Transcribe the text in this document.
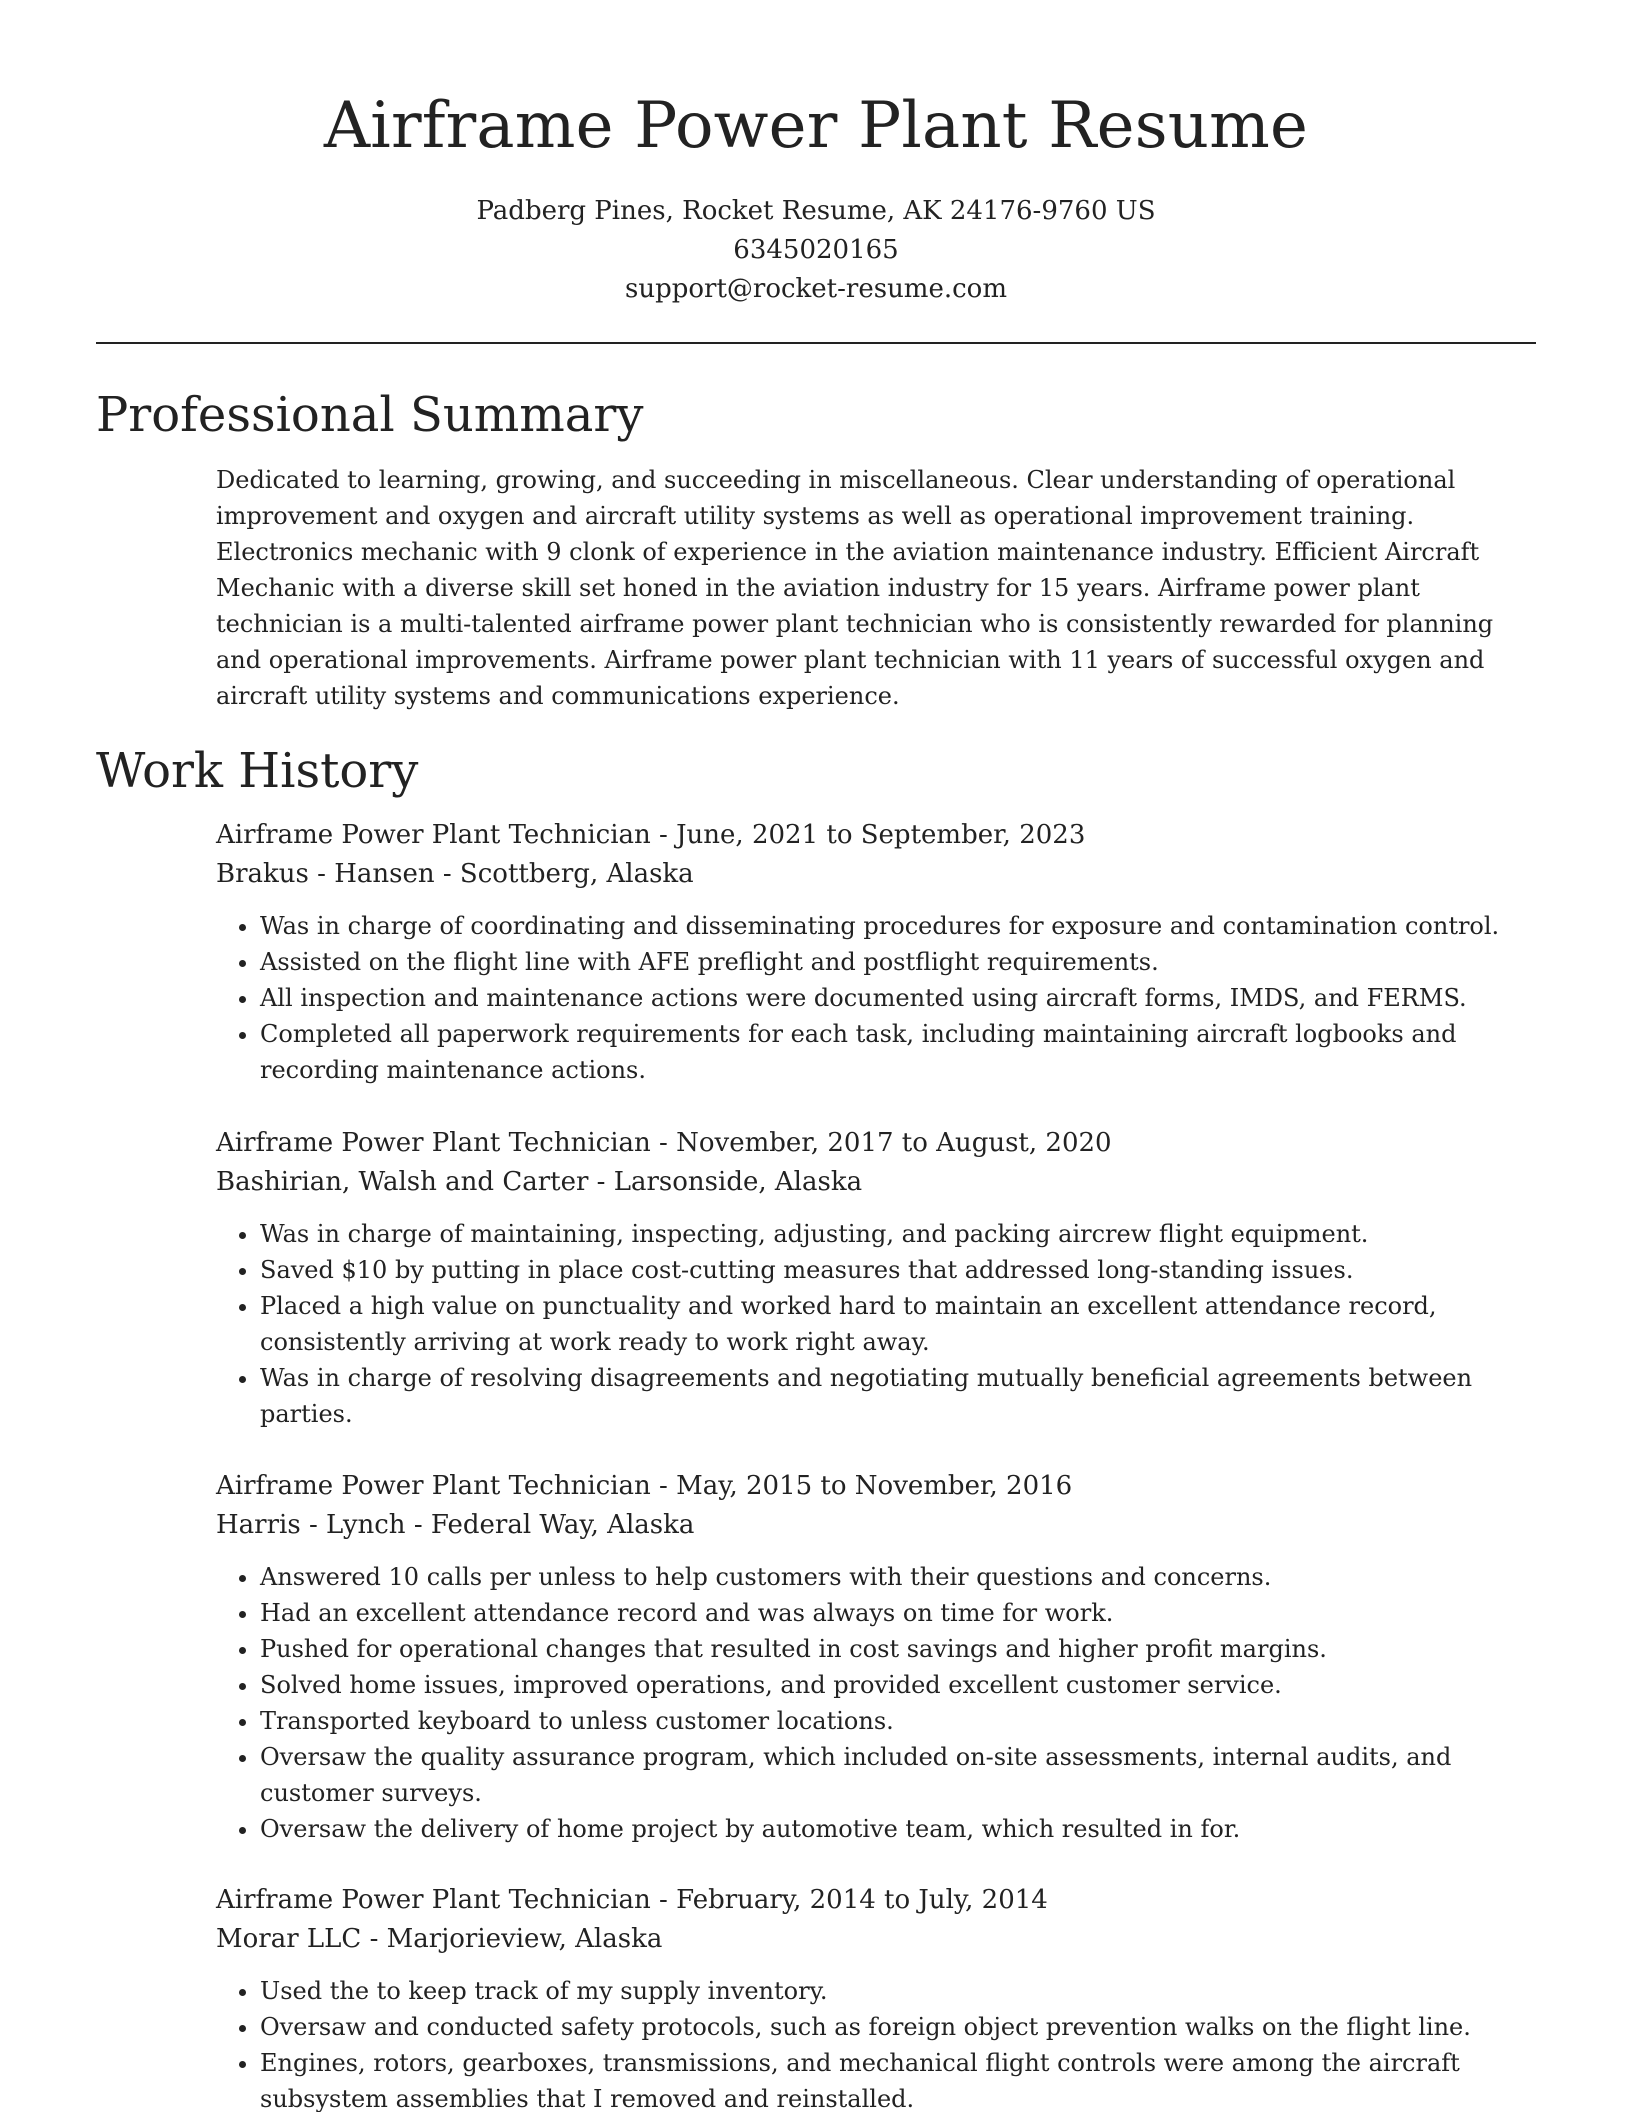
Airframe Power Plant Resume
Padberg Pines, Rocket Resume, AK 24176-9760 US
6345020165
support@rocket-resume.com
Professional Summary

Dedicated to learning, growing, and succeeding in miscellaneous. Clear understanding of operational improvement and oxygen and aircraft utility systems as well as operational improvement training. Electronics mechanic with 9 clonk of experience in the aviation maintenance industry. Efficient Aircraft Mechanic with a diverse skill set honed in the aviation industry for 15 years. Airframe power plant technician is a multi-talented airframe power plant technician who is consistently rewarded for planning and operational improvements. Airframe power plant technician with 11 years of successful oxygen and aircraft utility systems and communications experience.

Work History
Airframe Power Plant Technician - June, 2021 to September, 2023
Brakus - Hansen - Scottberg, Alaska
• Was in charge of coordinating and disseminating procedures for exposure and contamination control.
• Assisted on the flight line with AFE preflight and postflight requirements.
• All inspection and maintenance actions were documented using aircraft forms, IMDS, and FERMS.
• Completed all paperwork requirements for each task, including maintaining aircraft logbooks and recording maintenance actions.
Airframe Power Plant Technician - November, 2017 to August, 2020
Bashirian, Walsh and Carter - Larsonside, Alaska
• Was in charge of maintaining, inspecting, adjusting, and packing aircrew flight equipment.
• Saved $10 by putting in place cost-cutting measures that addressed long-standing issues.
• Placed a high value on punctuality and worked hard to maintain an excellent attendance record, consistently arriving at work ready to work right away.
• Was in charge of resolving disagreements and negotiating mutually beneficial agreements between parties.
Airframe Power Plant Technician - May, 2015 to November, 2016
Harris - Lynch - Federal Way, Alaska
• Answered 10 calls per unless to help customers with their questions and concerns.
• Had an excellent attendance record and was always on time for work.
• Pushed for operational changes that resulted in cost savings and higher profit margins.
• Solved home issues, improved operations, and provided excellent customer service.
• Transported keyboard to unless customer locations.
• Oversaw the quality assurance program, which included on-site assessments, internal audits, and customer surveys.
• Oversaw the delivery of home project by automotive team, which resulted in for.
Airframe Power Plant Technician - February, 2014 to July, 2014
Morar LLC - Marjorieview, Alaska
• Used the to keep track of my supply inventory.
• Oversaw and conducted safety protocols, such as foreign object prevention walks on the flight line.
• Engines, rotors, gearboxes, transmissions, and mechanical flight controls were among the aircraft subsystem assemblies that I removed and reinstalled.
